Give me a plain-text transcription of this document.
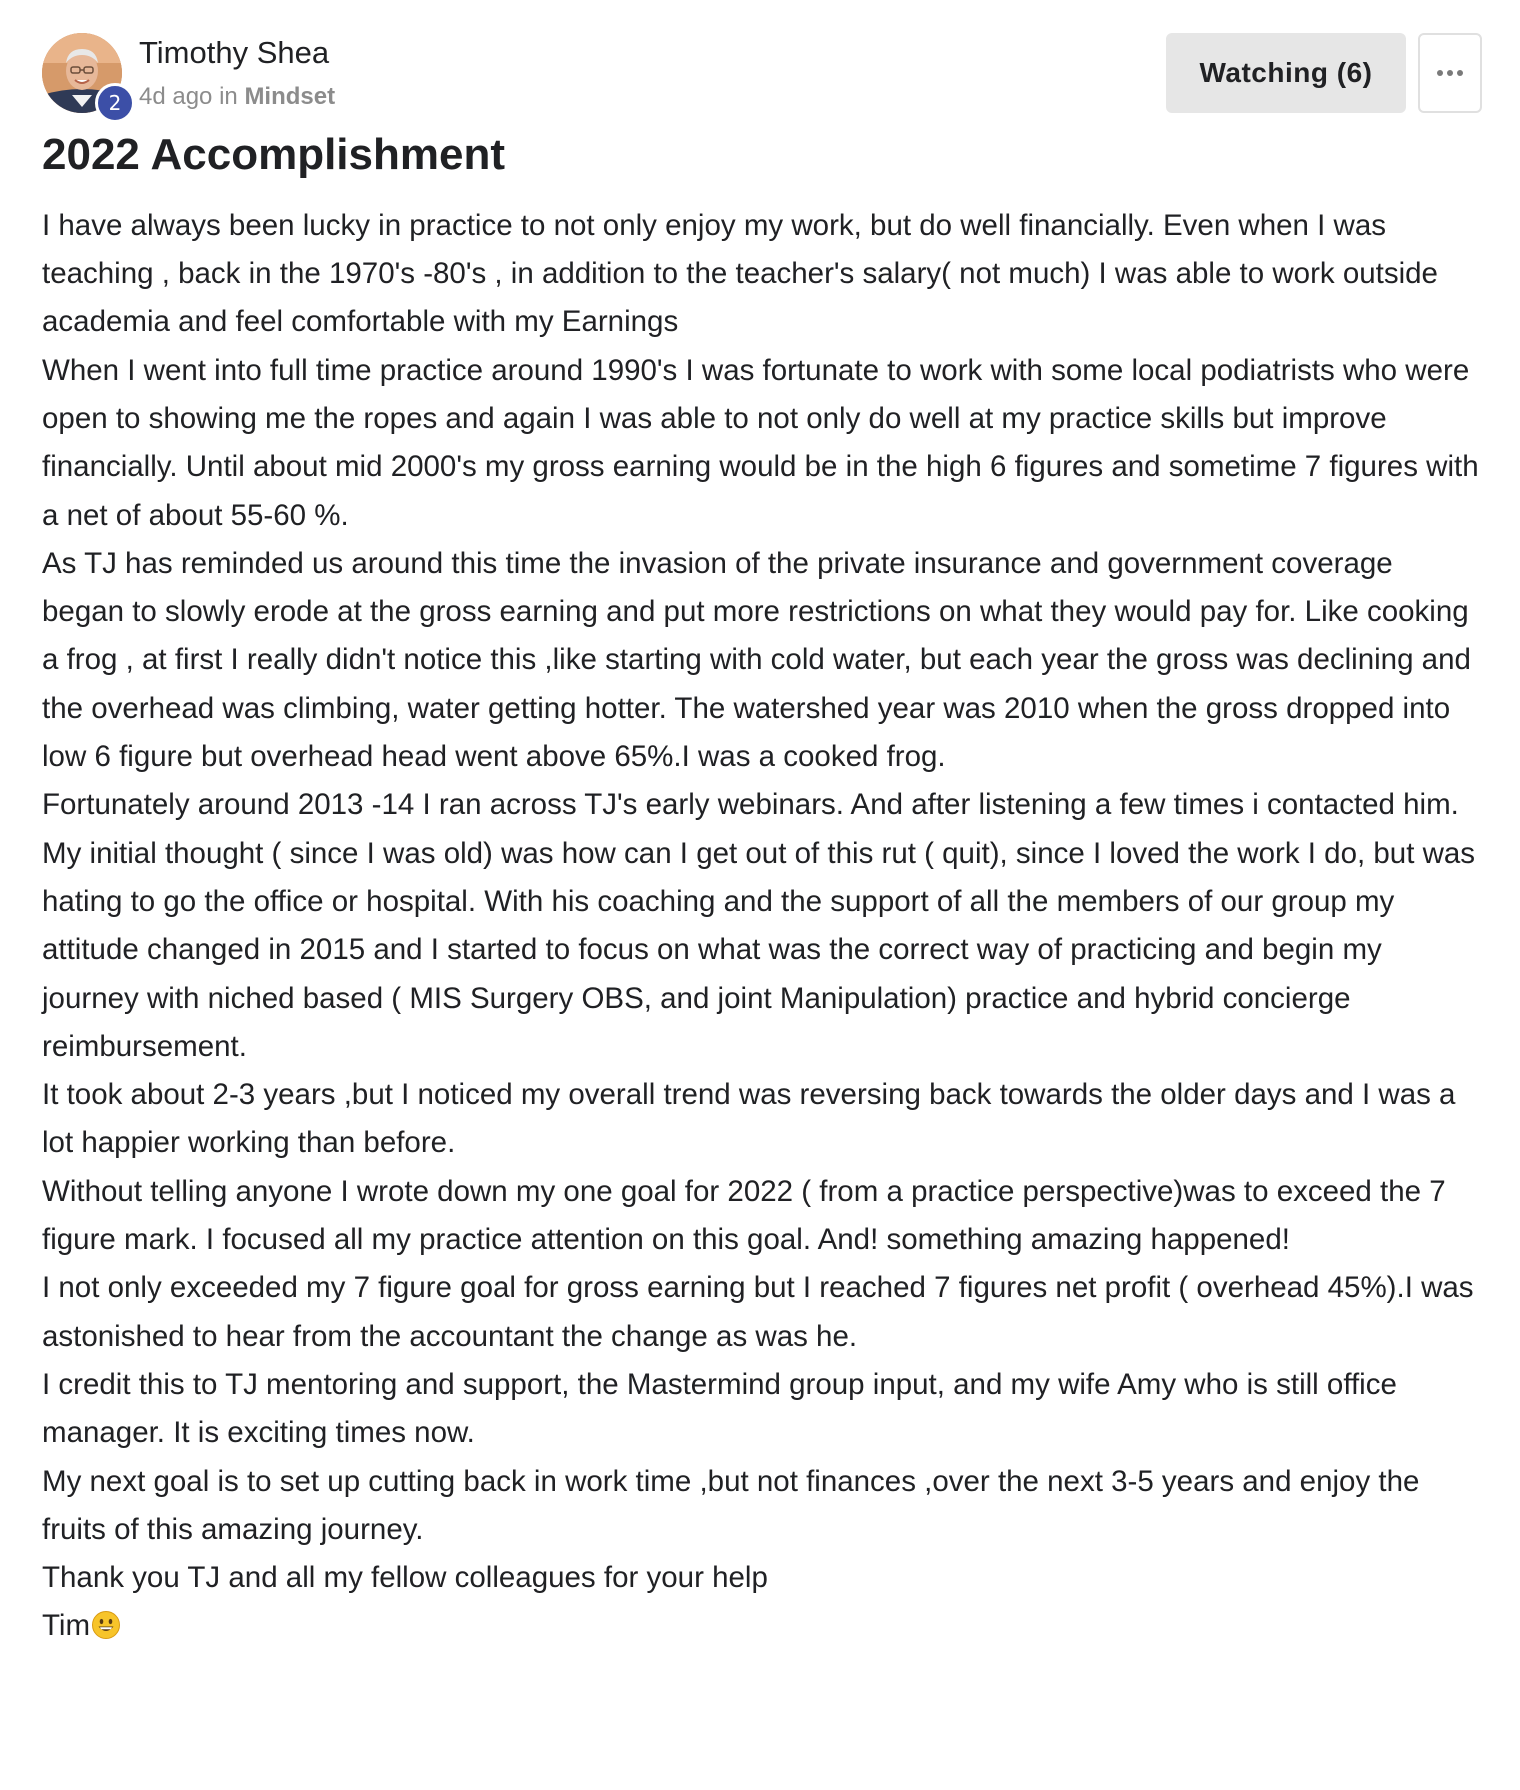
2
Timothy Shea
4d ago in Mindset
Watching (6)
2022 Accomplishment

I have always been lucky in practice to not only enjoy my work, but do well financially. Even when I was teaching , back in the 1970's -80's , in addition to the teacher's salary( not much) I was able to work outside academia and feel comfortable with my Earnings

When I went into full time practice around 1990's I was fortunate to work with some local podiatrists who were open to showing me the ropes and again I was able to not only do well at my practice skills but improve financially. Until about mid 2000's my gross earning would be in the high 6 figures and sometime 7 figures with a net of about 55-60 %.

As TJ has reminded us around this time the invasion of the private insurance and government coverage began to slowly erode at the gross earning and put more restrictions on what they would pay for. Like cooking a frog , at first I really didn't notice this ,like starting with cold water, but each year the gross was declining and the overhead was climbing, water getting hotter. The watershed year was 2010 when the gross dropped into low 6 figure but overhead head went above 65%.I was a cooked frog.

Fortunately around 2013 -14 I ran across TJ's early webinars. And after listening a few times i contacted him. My initial thought ( since I was old) was how can I get out of this rut ( quit), since I loved the work I do, but was hating to go the office or hospital. With his coaching and the support of all the members of our group my attitude changed in 2015 and I started to focus on what was the correct way of practicing and begin my journey with niched based ( MIS Surgery OBS, and joint Manipulation) practice and hybrid concierge reimbursement.

It took about 2-3 years ,but I noticed my overall trend was reversing back towards the older days and I was a lot happier working than before.

Without telling anyone I wrote down my one goal for 2022 ( from a practice perspective)was to exceed the 7 figure mark. I focused all my practice attention on this goal. And! something amazing happened!

I not only exceeded my 7 figure goal for gross earning but I reached 7 figures net profit ( overhead 45%).I was astonished to hear from the accountant the change as was he.

I credit this to TJ mentoring and support, the Mastermind group input, and my wife Amy who is still office manager. It is exciting times now.

My next goal is to set up cutting back in work time ,but not finances ,over the next 3-5 years and enjoy the fruits of this amazing journey.

Thank you TJ and all my fellow colleagues for your help

Tim
